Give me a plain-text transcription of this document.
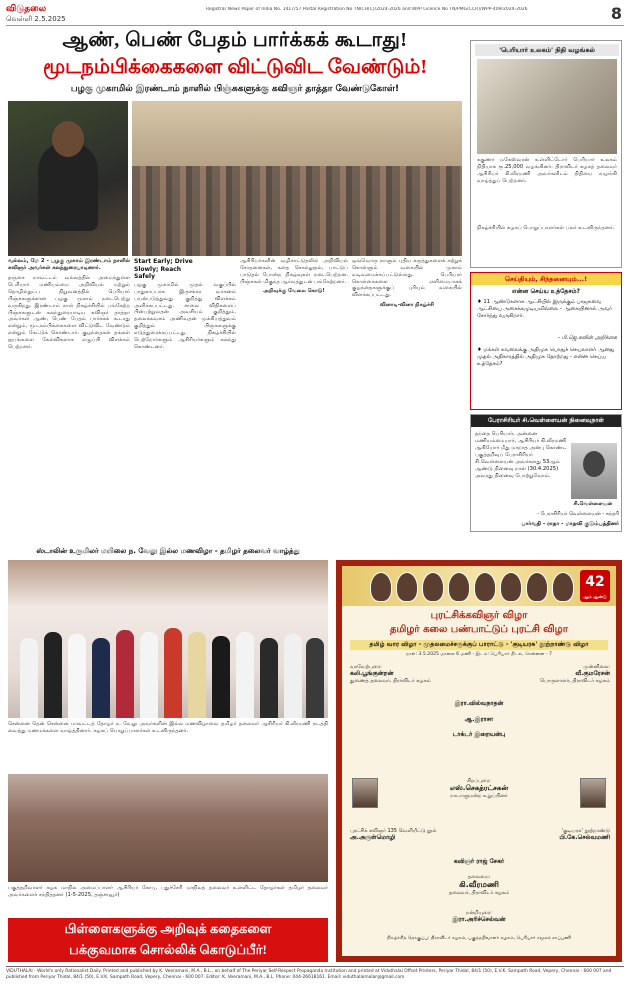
விடுதலை
வெள்ளி 2.5.2025
Registrar News Paper of India No. 1417/57 Postal Registration No TN/CH(C)/2024-2026 and WPP Licence No TN/PMG(CCR)/WPP-409/2024-2026	8
ஆண், பெண் பேதம் பார்க்கக் கூடாது!
மூடநம்பிக்கைகளை விட்டுவிட வேண்டும்!
பழகு முகாமில் இரண்டாம் நாளில் பிஞ்சுகளுக்கு கவிஞர் தாத்தா வேண்டுகோள்!
வல்லம், மே 2 - பழகு முகாம் இரண்டாம் நாளில் கவிஞர் அவர்கள் கலந்துரையாடினார்.
தஞ்சை மாவட்டம் வல்லத்தில் அமைந்துள்ள பெரியார் மணியம்மை அறிவியல் மற்றும் தொழில்நுட்ப நிறுவனத்தில் பெரியார் பிஞ்சுகளுக்கான பழகு முகாம் நடைபெற்று வருகிறது. இரண்டாம் நாள் நிகழ்ச்சியில் பங்கேற்ற பிஞ்சுகளுடன் கலந்துரையாடிய கவிஞர் தாத்தா அவர்கள் ஆண், பெண் பேதம் பார்க்கக் கூடாது என்றும், மூடநம்பிக்கைகளை விட்டுவிட வேண்டும் என்றும் கேட்டுக் கொண்டார். குழந்தைகள் தங்கள் ஐயங்களை கேள்விகளாக எழுப்பி விளக்கம் பெற்றனர்.
Start Early; Drive Slowly; Reach Safely
பழகு முகாமில் முதல் வகுப்பில் பாதுகாப்பாக இருசக்கர வாகனம் பயன்படுத்துவது குறித்து விளக்கம் அளிக்கப்பட்டது. சாலை விதிகளைப் பின்பற்றுவதன் அவசியம் குறித்தும், தலைக்கவசம் அணிவதன் முக்கியத்துவம் குறித்தும் பிஞ்சுகளுக்கு எடுத்துரைக்கப்பட்டது. நிகழ்ச்சியில் பெற்றோர்களும் ஆசிரியர்களும் கலந்து கொண்டனர்.
ஆசிரியர்களின் வழிகாட்டுதலில் அறிவியல் சோதனைகள், கதை சொல்லுதல், பாட்டுப் பாடுதல் போன்ற நிகழ்வுகள் நடைபெற்றன. பிஞ்சுகள் மிகுந்த ஆர்வத்துடன் பங்கேற்றனர்.
அறிவுக்கு வேலை கொடு!
ஒவ்வொரு நாளும் புதிய கருத்துகளைக் கற்றுக் கொள்ளும் வகையில் முகாம் வடிவமைக்கப்பட்டுள்ளது. பெரியார் கொள்கைகளை எளிமையாகக் குழந்தைகளுக்குப் புரியும் வகையில் விளக்கப்பட்டது.
வினாடி-வினா நிகழ்ச்சி
'பெரியார் உலகம்' நிதி வழங்கல்
சுகுணா மகேஸ்வரன் உள்ளிட்டோர் பெரியார் உலகம் நிதியாக ரூ.25,000 வழங்கினர். திராவிடர் கழகத் தலைவர் ஆசிரியர் கி.வீரமணி அவர்களிடம் நிதியை வழங்கி வாழ்த்துப் பெற்றனர்.
நிகழ்ச்சியில் கழகப் பொறுப்பாளர்கள் பலர் உடனிருந்தனர்.
செய்தியும், சிந்தனையும்...!
என்ன செய்ய உத்தேசம்?
♦ 11 ஆண்டுகளாக ஆட்சியில் இருக்கும் பாஜகவை ஆட்சியை அசைக்கமுடியவில்லை - ஆகையினால் அவர் சோர்ந்து வருகிறார்.
- பி.ஜெ.கவின் அறிக்கை
♦ மக்கள் கவலைக்கு அதிமுக பொதுச் செயலாளர் ஆனது முதல் அதிகாரத்தில் அதிமுக தோற்றது - என்ன செய்ய உத்தேசம்?
பேராசிரியர் சி.வெள்ளையன் நினைவுநாள்
தந்தை பெரியார், அன்னை மணியம்மையார், ஆசிரியர் கி.வீரமணி ஆகியோர் மீது மாறாத அன்பு கொண்ட பகுத்தறிவுப் பேராசிரியர் சி.வெள்ளையன் அவர்களது 53ஆம் ஆண்டு நினைவு நாள் (30.4.2025) அவரது நினைவு போற்றுவோம்.
சி.வெள்ளையன்
- பேராசிரியர் வெள்ளையன் - சுந்தரி
பார்வதி - ராதா - மாதவி குடும்பத்தினர்
ஸ்டாலின் உருமிலர் மயிலை ந. வேலு இல்ல மணவிழா - தமிழர் தலைவர் வாழ்த்து
சென்னை தென் சென்னை மாவட்டத் தோழர் ந. வேலு அவர்களின் இல்ல மணவிழாவை தமிழர் தலைவர் ஆசிரியர் கி.வீரமணி நடத்தி வைத்து மணமக்களை வாழ்த்தினார். கழகப் பொறுப்பாளர்கள் உடனிருந்தனர்.
பகுத்தறிவாளர் கழக மாநில அமைப்பாளர் ஆசிரியர் கோபு, புதுச்சேரி மாநிலத் தலைவர் உள்ளிட்ட தோழர்கள் தமிழர் தலைவர் அவர்களைச் சந்தித்தனர் (1-5-2025, தஞ்சாவூர்)
பிள்ளைகளுக்கு அறிவுக் கதைகளை
பக்குவமாக சொல்லிக் கொடுப்பீர்!
42
ஆம் ஆண்டு
புரட்சிக்கவிஞர் விழா
தமிழர் கலை பண்பாட்டுப் புரட்சி விழா
தமிழ் வார விழா - முதலமைச்சருக்குப் பாராட்டு - 'குடியரசு' நூற்றாண்டு விழா
நாள்: 3.5.2025 மாலை 6 மணி - இடம்: பெரியார் திடல், சென்னை - 7
வரவேற்புரை:
கலி.பூங்குன்றன்
துணைத் தலைவர், திராவிடர் கழகம்
முன்னிலை:
வீ.குமரேசன்
பொருளாளர், திராவிடர் கழகம்
இரா.வில்வநாதன்
ஆ.இராசா
டாக்டர் இறையன்பு
சிறப்புரை:
எஸ்.செகத்ரட்சகன்
நாடாளுமன்ற உறுப்பினர்
புரட்சிக் கவிஞர் 135 வெளியீட்டு நூல்
அ.அருள்மொழி
'குடியரசு' நூற்றாண்டு
பி.கே.செல்வமணி
கவிஞர் ராஜ் சேகர்
தலைமை:
கி.வீரமணி
தலைவர், திராவிடர் கழகம்
நன்றியுரை:
இரா.அரிச்செல்வன்
நிகழ்ச்சித் தொகுப்பு: திராவிடர் கழகம், பகுத்தறிவாளர் கழகம், பெரியார் சமூகக் காப்பணி
VIDUTHALAI - World's only Rationalist Daily. Printed and published by K. Veeramani, M.A., B.L., on behalf of The Periyar Self-Respect Propaganda Institution and printed at Viduthalai Offset Printers, Periyar Thidal, 84/1 (50), E.V.K. Sampath Road, Vepery, Chennai - 600 007 and published from Periyar Thidal, 84/1 (50), E.V.K. Sampath Road, Vepery, Chennai - 600 007. Editor: K. Veeramani, M.A., B.L. Phone: 044-26618161. Email: viduthalaimalar@gmail.com
